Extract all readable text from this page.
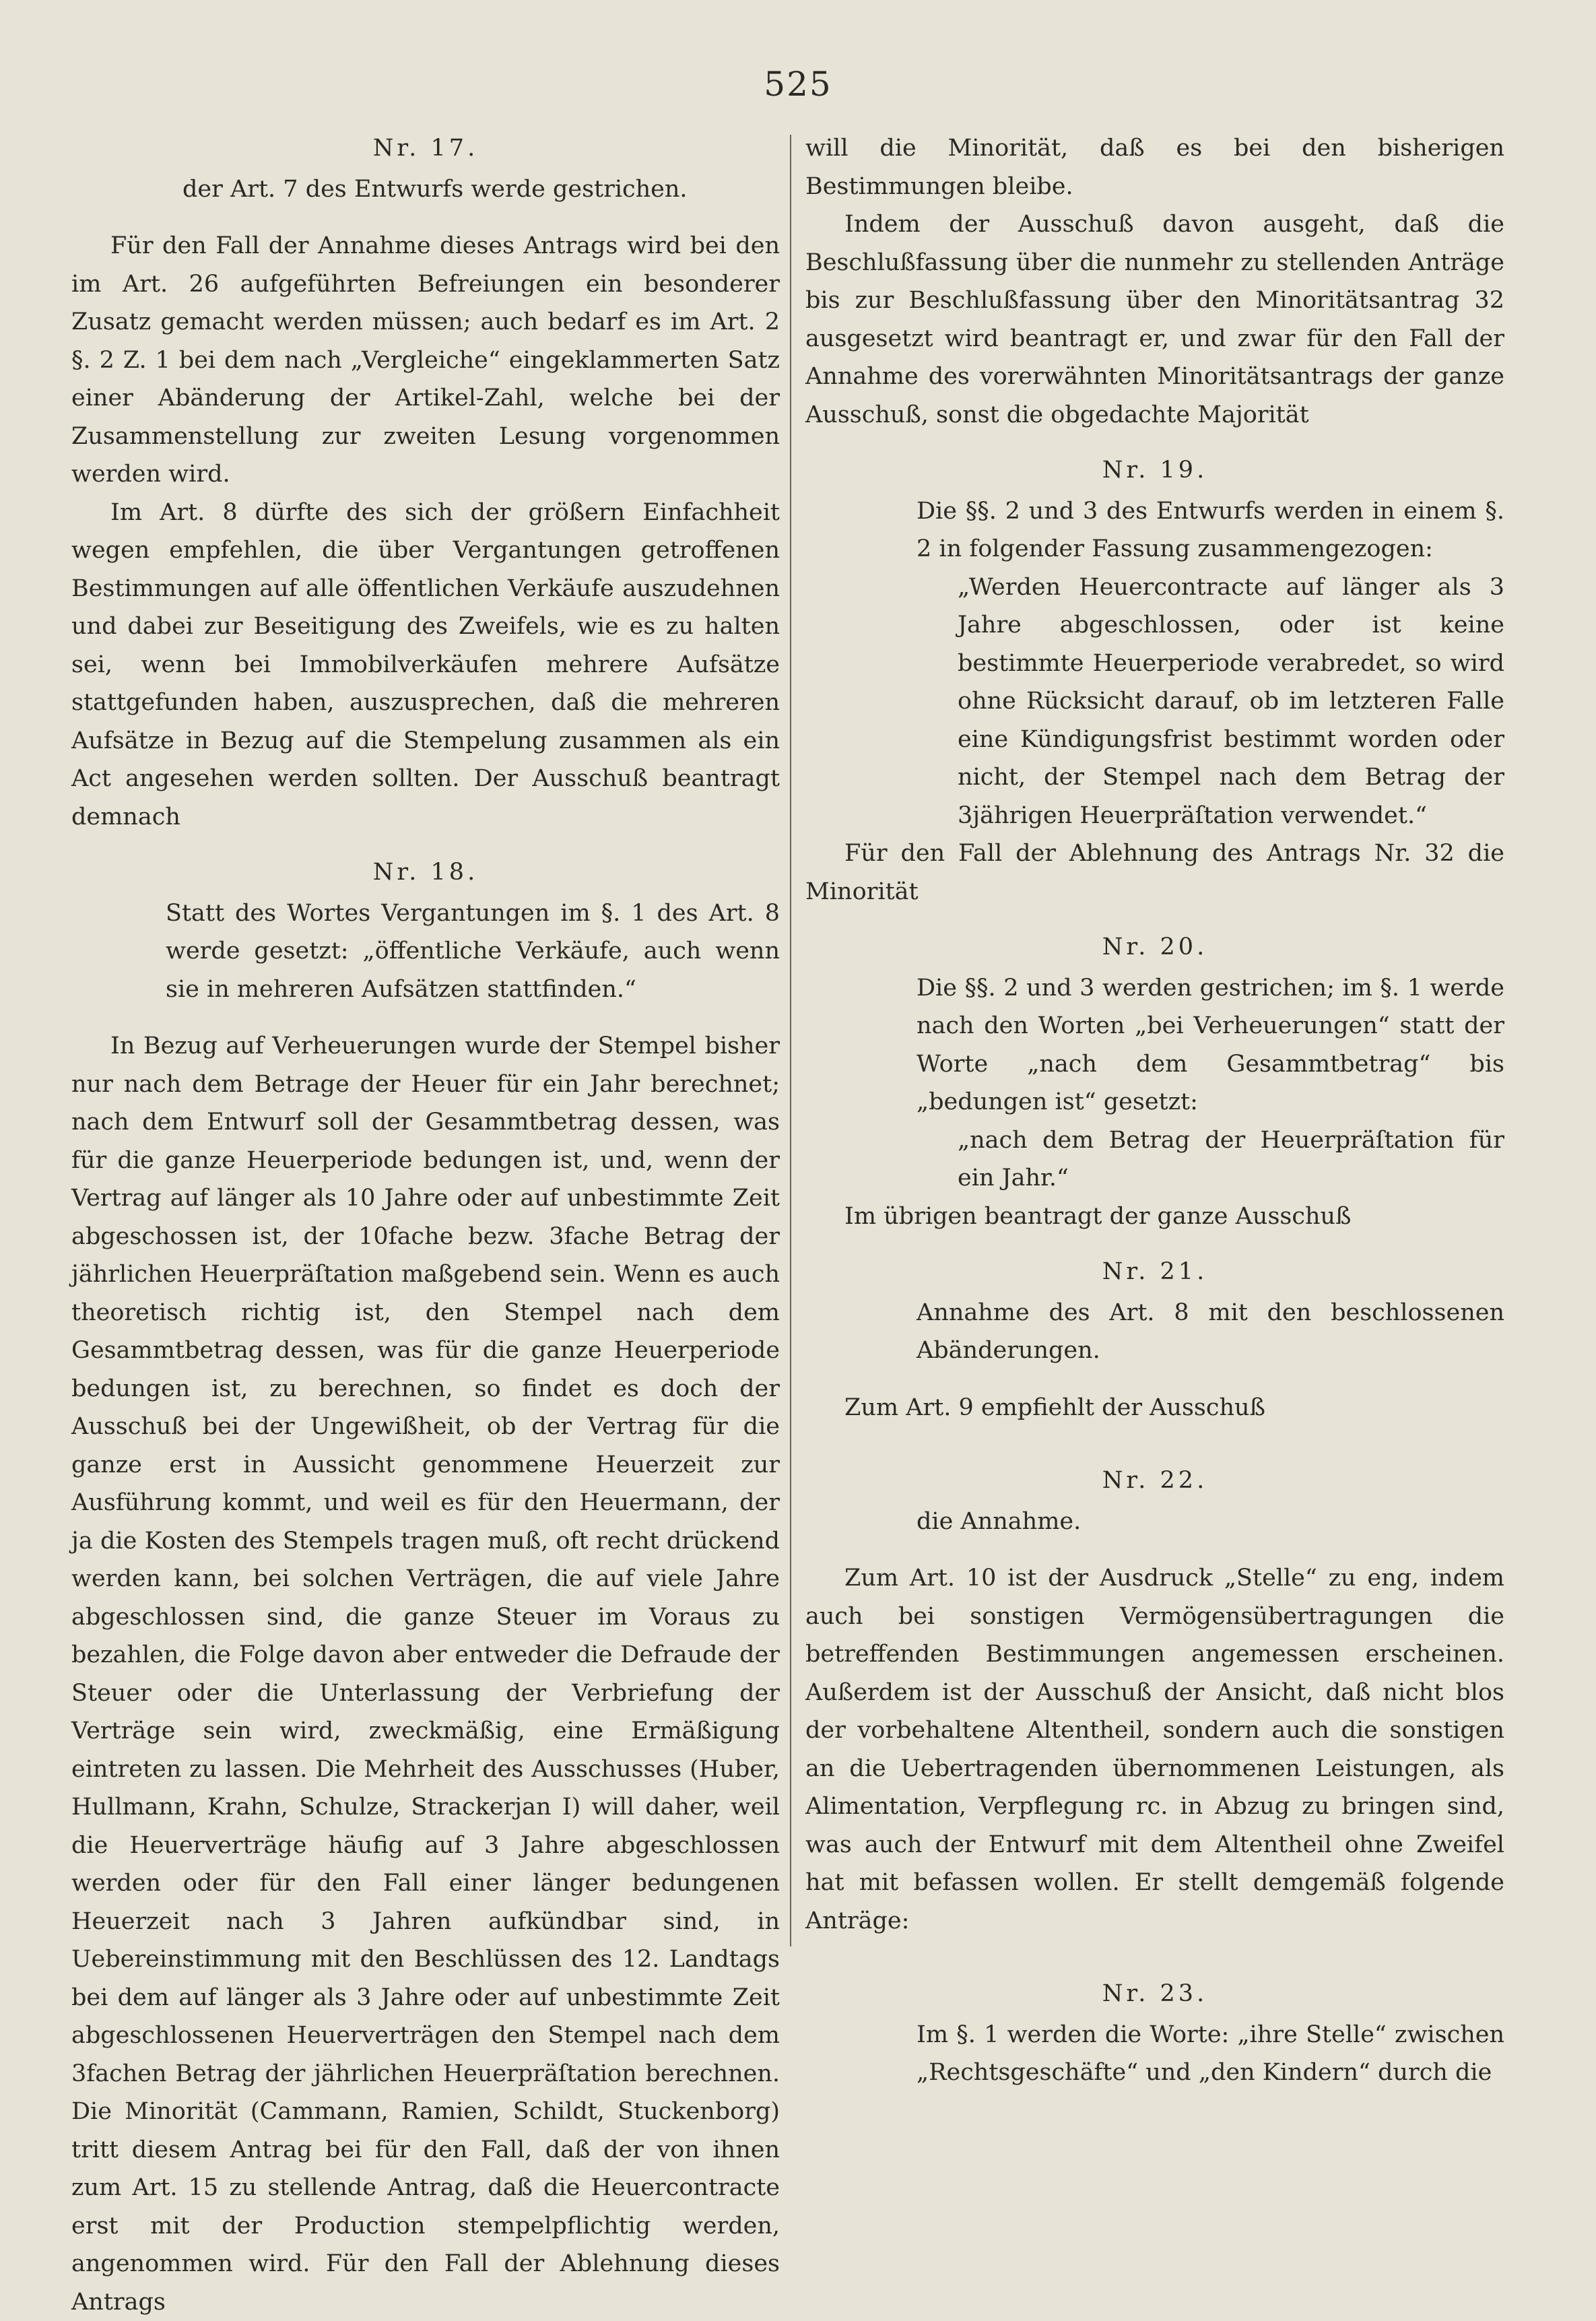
525

Nr. 17.

der Art. 7 des Entwurfs werde gestrichen.

Für den Fall der Annahme dieses Antrags wird bei den im Art. 26 aufgeführten Befreiungen ein besonderer Zusatz gemacht werden müssen; auch bedarf es im Art. 2 §. 2 Z. 1 bei dem nach „Vergleiche“ eingeklammerten Satz einer Abänderung der Artikel-Zahl, welche bei der Zusammenstellung zur zweiten Lesung vorgenommen werden wird.

Im Art. 8 dürfte des sich der größern Einfachheit wegen empfehlen, die über Vergantungen getroffenen Bestimmungen auf alle öffentlichen Verkäufe auszudehnen und dabei zur Beseitigung des Zweifels, wie es zu halten sei, wenn bei Immobilverkäufen mehrere Aufsätze stattgefunden haben, auszusprechen, daß die mehreren Aufsätze in Bezug auf die Stempelung zusammen als ein Act angesehen werden sollten. Der Ausschuß beantragt demnach

Nr. 18.

Statt des Wortes Vergantungen im §. 1 des Art. 8 werde gesetzt: „öffentliche Verkäufe, auch wenn sie in mehreren Aufsätzen stattfinden.“

In Bezug auf Verheuerungen wurde der Stempel bisher nur nach dem Betrage der Heuer für ein Jahr berechnet; nach dem Entwurf soll der Gesammtbetrag dessen, was für die ganze Heuerperiode bedungen ist, und, wenn der Vertrag auf länger als 10 Jahre oder auf unbestimmte Zeit abgeschossen ist, der 10fache bezw. 3fache Betrag der jährlichen Heuerpräſtation maßgebend sein. Wenn es auch theoretisch richtig ist, den Stempel nach dem Gesammtbetrag dessen, was für die ganze Heuerperiode bedungen ist, zu berechnen, so findet es doch der Ausschuß bei der Ungewißheit, ob der Vertrag für die ganze erst in Aussicht genommene Heuerzeit zur Ausführung kommt, und weil es für den Heuermann, der ja die Kosten des Stempels tragen muß, oft recht drückend werden kann, bei solchen Verträgen, die auf viele Jahre abgeschlossen sind, die ganze Steuer im Voraus zu bezahlen, die Folge davon aber entweder die Defraude der Steuer oder die Unterlassung der Verbriefung der Verträge sein wird, zweckmäßig, eine Ermäßigung eintreten zu lassen. Die Mehrheit des Ausschusses (Huber, Hullmann, Krahn, Schulze, Strackerjan I) will daher, weil die Heuerverträge häufig auf 3 Jahre abgeschlossen werden oder für den Fall einer länger bedungenen Heuerzeit nach 3 Jahren aufkündbar sind, in Uebereinstimmung mit den Beschlüssen des 12. Landtags bei dem auf länger als 3 Jahre oder auf unbestimmte Zeit abgeschlossenen Heuerverträgen den Stempel nach dem 3fachen Betrag der jährlichen Heuerpräſtation berechnen. Die Minorität (Cammann, Ramien, Schildt, Stuckenborg) tritt diesem Antrag bei für den Fall, daß der von ihnen zum Art. 15 zu stellende Antrag, daß die Heuercontracte erst mit der Production stempelpflichtig werden, angenommen wird. Für den Fall der Ablehnung dieses Antrags

will die Minorität, daß es bei den bisherigen Bestimmungen bleibe.

Indem der Ausschuß davon ausgeht, daß die Beschlußfassung über die nunmehr zu stellenden Anträge bis zur Beschlußfassung über den Minoritätsantrag 32 ausgesetzt wird beantragt er, und zwar für den Fall der Annahme des vorerwähnten Minoritätsantrags der ganze Ausschuß, sonst die obgedachte Majorität

Nr. 19.

Die §§. 2 und 3 des Entwurfs werden in einem §. 2 in folgender Fassung zusammengezogen:

„Werden Heuercontracte auf länger als 3 Jahre abgeschlossen, oder ist keine bestimmte Heuerperiode verabredet, so wird ohne Rücksicht darauf, ob im letzteren Falle eine Kündigungsfrist bestimmt worden oder nicht, der Stempel nach dem Betrag der 3jährigen Heuerpräſtation verwendet.“

Für den Fall der Ablehnung des Antrags Nr. 32 die Minorität

Nr. 20.

Die §§. 2 und 3 werden gestrichen; im §. 1 werde nach den Worten „bei Verheuerungen“ statt der Worte „nach dem Gesammtbetrag“ bis „bedungen ist“ gesetzt:

„nach dem Betrag der Heuerpräſtation für ein Jahr.“

Im übrigen beantragt der ganze Ausschuß

Nr. 21.

Annahme des Art. 8 mit den beschlossenen Abänderungen.

Zum Art. 9 empfiehlt der Ausschuß

Nr. 22.

die Annahme.

Zum Art. 10 ist der Ausdruck „Stelle“ zu eng, indem auch bei sonstigen Vermögensübertragungen die betreffenden Bestimmungen angemessen erscheinen. Außerdem ist der Ausschuß der Ansicht, daß nicht blos der vorbehaltene Altentheil, sondern auch die sonstigen an die Uebertragenden übernommenen Leistungen, als Alimentation, Verpflegung rc. in Abzug zu bringen sind, was auch der Entwurf mit dem Altentheil ohne Zweifel hat mit befassen wollen. Er stellt demgemäß folgende Anträge:

Nr. 23.

Im §. 1 werden die Worte: „ihre Stelle“ zwischen „Rechtsgeschäfte“ und „den Kindern“ durch die
